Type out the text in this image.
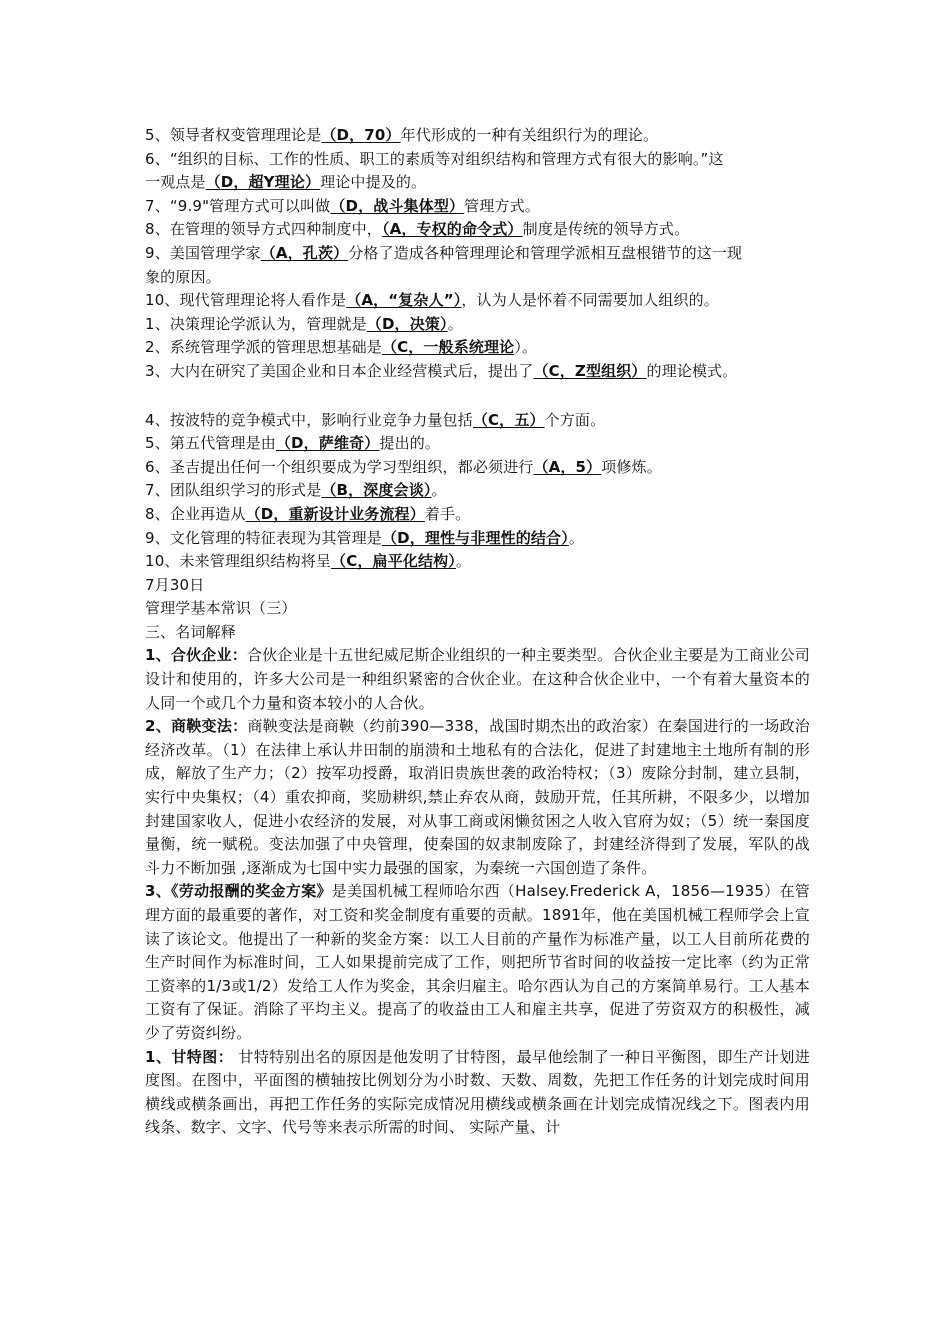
5、领导者权变管理理论是（D，70）年代形成的一种有关组织行为的理论。
6、“组织的目标、工作的性质、职工的素质等对组织结构和管理方式有很大的影响。”这
一观点是（D，超Y理论）理论中提及的。
7、“9.9"管理方式可以叫做（D，战斗集体型）管理方式。
8、在管理的领导方式四种制度中，（A，专权的命令式）制度是传统的领导方式。
9、美国管理学家（A，孔茨）分格了造成各种管理理论和管理学派相互盘根错节的这一现
象的原因。
10、现代管理理论将人看作是（A，“复杂人”），认为人是怀着不同需要加人组织的。
1、决策理论学派认为，管理就是（D，决策）。
2、系统管理学派的管理思想基础是（C，一般系统理论）。
3、大内在研究了美国企业和日本企业经营模式后，提出了（C，Z型组织）的理论模式。
4、按波特的竞争模式中，影响行业竞争力量包括（C，五）个方面。
5、第五代管理是由（D，萨维奇）提出的。
6、圣吉提出任何一个组织要成为学习型组织，都必须进行（A，5）项修炼。
7、团队组织学习的形式是（B，深度会谈）。
8、企业再造从（D，重新设计业务流程）着手。
9、文化管理的特征表现为其管理是（D，理性与非理性的结合）。
10、未来管理组织结构将呈（C，扁平化结构）。
7月30日
管理学基本常识（三）
三、名词解释
1、合伙企业：合伙企业是十五世纪威尼斯企业组织的一种主要类型。合伙企业主要是为工商业公司设计和使用的，许多大公司是一种组织紧密的合伙企业。在这种合伙企业中，一个有着大量资本的人同一个或几个力量和资本较小的人合伙。
2、商鞅变法：商鞅变法是商鞅（约前390—338，战国时期杰出的政治家）在秦国进行的一场政治经济改革。（1）在法律上承认井田制的崩溃和土地私有的合法化，促进了封建地主土地所有制的形成，解放了生产力；（2）按军功授爵，取消旧贵族世袭的政治特权；（3）废除分封制，建立县制，实行中央集权；（4）重农抑商，奖励耕织,禁止弃农从商，鼓励开荒，任其所耕，不限多少，以增加封建国家收人，促进小农经济的发展，对从事工商或闲懒贫困之人收入官府为奴；（5）统一秦国度量衡，统一赋税。变法加强了中央管理，使秦国的奴隶制废除了，封建经济得到了发展，军队的战斗力不断加强 ,逐渐成为七国中实力最强的国家，为秦统一六国创造了条件。
3、《劳动报酬的奖金方案》是美国机械工程师哈尔西（Halsey.Frederick A，1856—1935）在管理方面的最重要的著作，对工资和奖金制度有重要的贡献。1891年，他在美国机械工程师学会上宣读了该论文。他提出了一种新的奖金方案：以工人目前的产量作为标准产量，以工人目前所花费的生产时间作为标准时间，工人如果提前完成了工作，则把所节省时间的收益按一定比率（约为正常工资率的1/3或1/2）发给工人作为奖金，其余归雇主。哈尔西认为自己的方案简单易行。工人基本工资有了保证。消除了平均主义。提高了的收益由工人和雇主共享，促进了劳资双方的积极性，减少了劳资纠纷。
1、甘特图： 甘特特别出名的原因是他发明了甘特图，最早他绘制了一种日平衡图，即生产计划进度图。在图中，平面图的横轴按比例划分为小时数、天数、周数，先把工作任务的计划完成时间用横线或横条画出，再把工作任务的实际完成情况用横线或横条画在计划完成情况线之下。图表内用线条、数字、文字、代号等来表示所需的时间、 实际产量、计
